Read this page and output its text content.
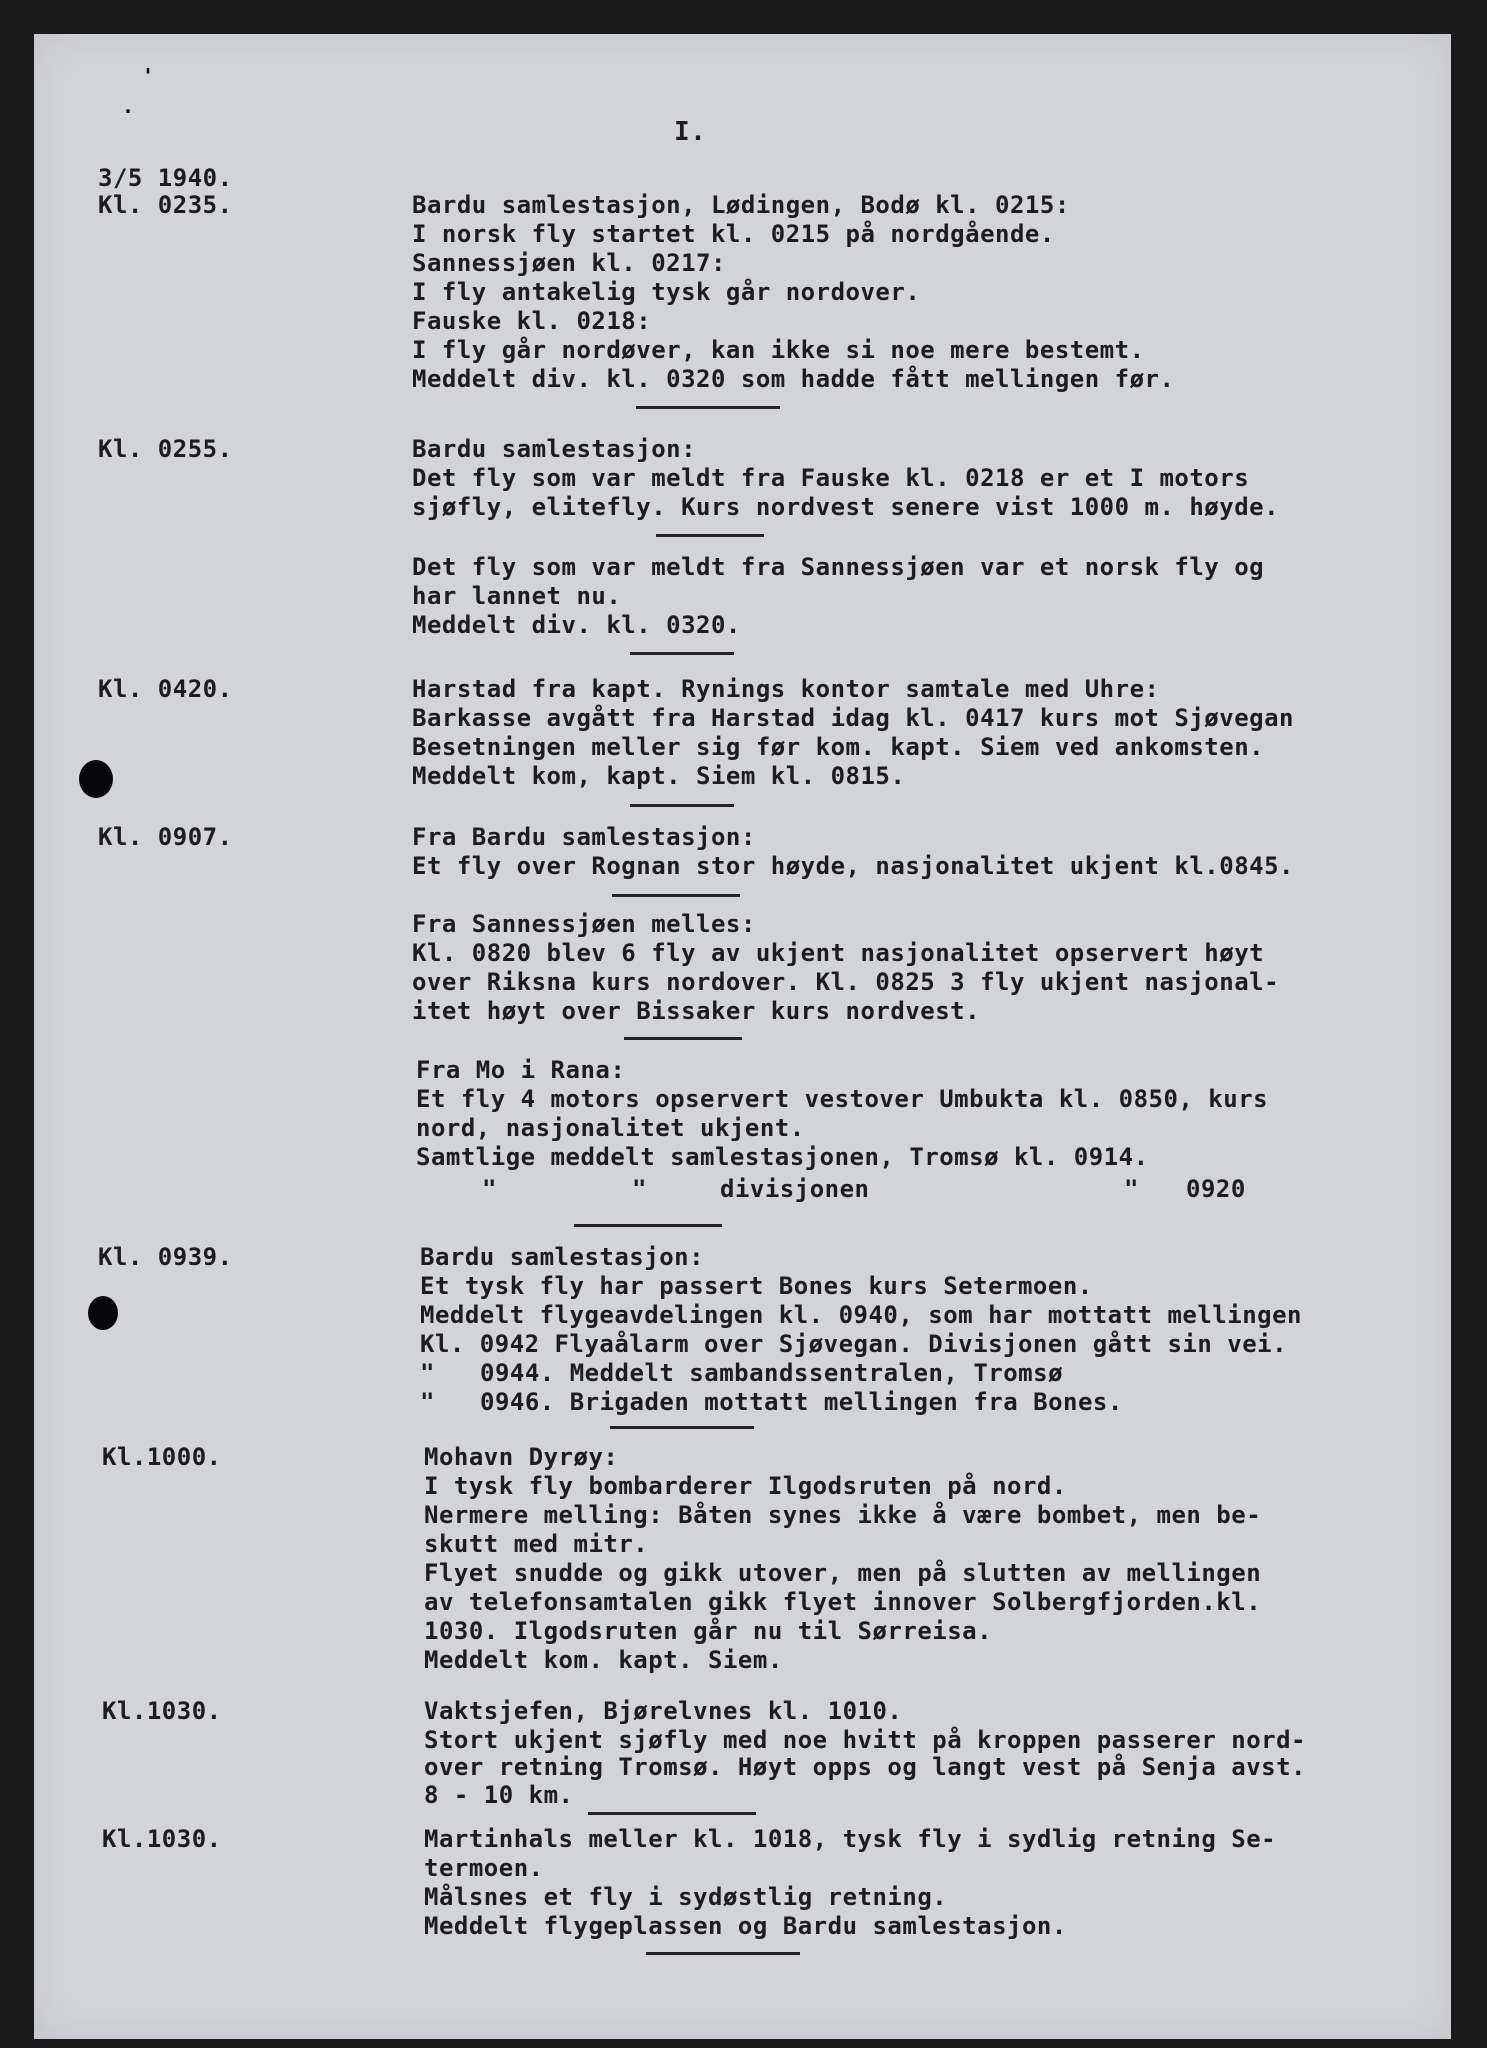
'
.
I.
3/5 1940.
Kl. 0235.	Bardu samlestasjon, Lødingen, Bodø kl. 0215:
I norsk fly startet kl. 0215 på nordgående.
Sannessjøen kl. 0217:
I fly antakelig tysk går nordover.
Fauske kl. 0218:
I fly går nordøver, kan ikke si noe mere bestemt.
Meddelt div. kl. 0320 som hadde fått mellingen før.
Kl. 0255.	Bardu samlestasjon:
Det fly som var meldt fra Fauske kl. 0218 er et I motors
sjøfly, elitefly. Kurs nordvest senere vist 1000 m. høyde.
Det fly som var meldt fra Sannessjøen var et norsk fly og
har lannet nu.
Meddelt div. kl. 0320.
Kl. 0420.	Harstad fra kapt. Rynings kontor samtale med Uhre:
Barkasse avgått fra Harstad idag kl. 0417 kurs mot Sjøvegan
Besetningen meller sig før kom. kapt. Siem ved ankomsten.
Meddelt kom, kapt. Siem kl. 0815.
Kl. 0907.	Fra Bardu samlestasjon:
Et fly over Rognan stor høyde, nasjonalitet ukjent kl.0845.
Fra Sannessjøen melles:
Kl. 0820 blev 6 fly av ukjent nasjonalitet opservert høyt
over Riksna kurs nordover. Kl. 0825 3 fly ukjent nasjonal-
itet høyt over Bissaker kurs nordvest.
Fra Mo i Rana:
Et fly 4 motors opservert vestover Umbukta kl. 0850, kurs
nord, nasjonalitet ukjent.
Samtlige meddelt samlestasjonen, Tromsø kl. 0914.
"	"	divisjonen	" 0920
Kl. 0939.	Bardu samlestasjon:
Et tysk fly har passert Bones kurs Setermoen.
Meddelt flygeavdelingen kl. 0940, som har mottatt mellingen
Kl. 0942 Flyaålarm over Sjøvegan. Divisjonen gått sin vei.
" 0944. Meddelt sambandssentralen, Tromsø
" 0946. Brigaden mottatt mellingen fra Bones.
Kl.1000.	Mohavn Dyrøy:
I tysk fly bombarderer Ilgodsruten på nord.
Nermere melling: Båten synes ikke å være bombet, men be-
skutt med mitr.
Flyet snudde og gikk utover, men på slutten av mellingen
av telefonsamtalen gikk flyet innover Solbergfjorden.kl.
1030. Ilgodsruten går nu til Sørreisa.
Meddelt kom. kapt. Siem.
Kl.1030.	Vaktsjefen, Bjørelvnes kl. 1010.
Stort ukjent sjøfly med noe hvitt på kroppen passerer nord-
over retning Tromsø. Høyt opps og langt vest på Senja avst.
8 - 10 km.
Kl.1030.	Martinhals meller kl. 1018, tysk fly i sydlig retning Se-
termoen.
Målsnes et fly i sydøstlig retning.
Meddelt flygeplassen og Bardu samlestasjon.
